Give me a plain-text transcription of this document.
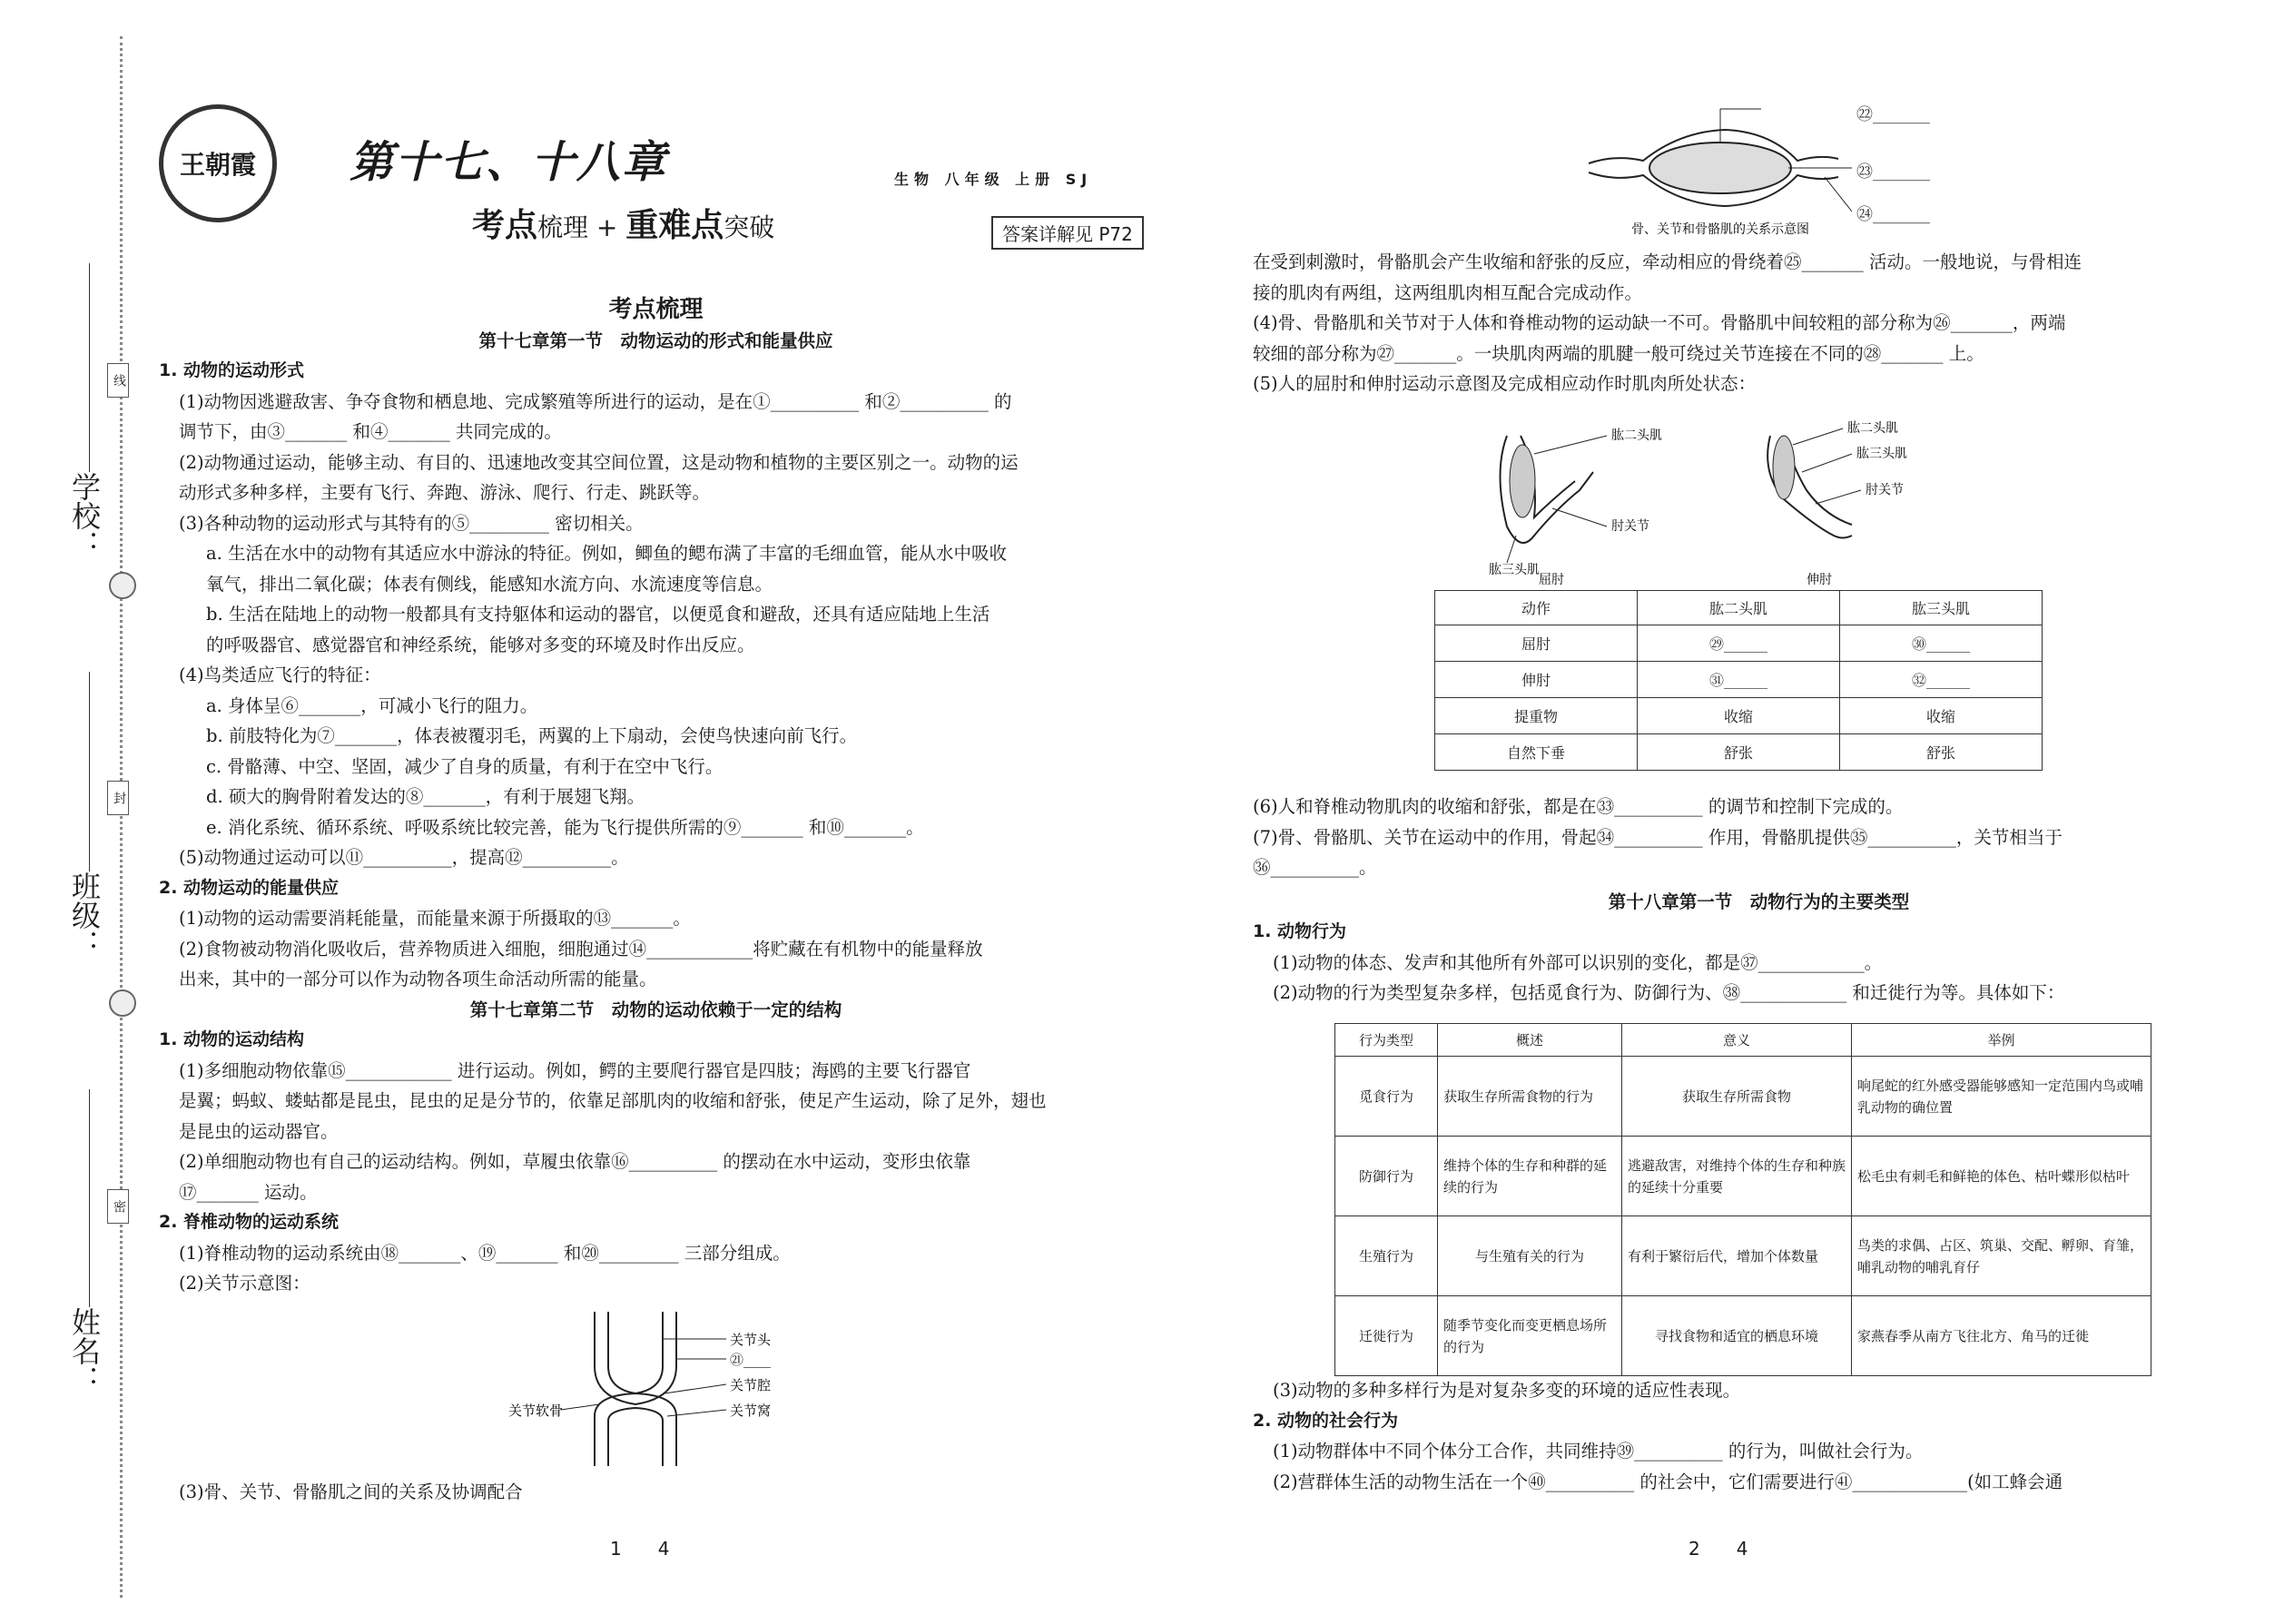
学校：
班级：
姓名：
线
封
密
王朝霞 第十七、十八章
考点梳理 + 重难点突破
生物 八年级 上册 SJ
答案详解见 P72
考点梳理
第十七章第一节　动物运动的形式和能量供应
1. 动物的运动形式
(1)动物因逃避敌害、争夺食物和栖息地、完成繁殖等所进行的运动，是在①__________ 和②__________ 的
调节下，由③_______ 和④_______ 共同完成的。
(2)动物通过运动，能够主动、有目的、迅速地改变其空间位置，这是动物和植物的主要区别之一。动物的运
动形式多种多样，主要有飞行、奔跑、游泳、爬行、行走、跳跃等。
(3)各种动物的运动形式与其特有的⑤_________ 密切相关。
a. 生活在水中的动物有其适应水中游泳的特征。例如，鲫鱼的鳃布满了丰富的毛细血管，能从水中吸收
氧气，排出二氧化碳；体表有侧线，能感知水流方向、水流速度等信息。
b. 生活在陆地上的动物一般都具有支持躯体和运动的器官，以便觅食和避敌，还具有适应陆地上生活
的呼吸器官、感觉器官和神经系统，能够对多变的环境及时作出反应。
(4)鸟类适应飞行的特征：
a. 身体呈⑥_______，可减小飞行的阻力。
b. 前肢特化为⑦_______，体表被覆羽毛，两翼的上下扇动，会使鸟快速向前飞行。
c. 骨骼薄、中空、坚固，减少了自身的质量，有利于在空中飞行。
d. 硕大的胸骨附着发达的⑧_______，有利于展翅飞翔。
e. 消化系统、循环系统、呼吸系统比较完善，能为飞行提供所需的⑨_______ 和⑩_______。
(5)动物通过运动可以⑪__________，提高⑫__________。
2. 动物运动的能量供应
(1)动物的运动需要消耗能量，而能量来源于所摄取的⑬_______。
(2)食物被动物消化吸收后，营养物质进入细胞，细胞通过⑭____________将贮藏在有机物中的能量释放
出来，其中的一部分可以作为动物各项生命活动所需的能量。
第十七章第二节　动物的运动依赖于一定的结构
1. 动物的运动结构
(1)多细胞动物依靠⑮____________ 进行运动。例如，鳄的主要爬行器官是四肢；海鸥的主要飞行器官
是翼；蚂蚁、蝼蛄都是昆虫，昆虫的足是分节的，依靠足部肌肉的收缩和舒张，使足产生运动，除了足外，翅也
是昆虫的运动器官。
(2)单细胞动物也有自己的运动结构。例如，草履虫依靠⑯__________ 的摆动在水中运动，变形虫依靠
⑰_______ 运动。
2. 脊椎动物的运动系统
(1)脊椎动物的运动系统由⑱_______、⑲_______ 和⑳_________ 三部分组成。
(2)关节示意图：
关节头
㉑____
关节腔
关节窝
关节软骨
(3)骨、关节、骨骼肌之间的关系及协调配合
1　　4
骨、关节和骨骼肌的关系示意图
㉒_______
㉓_______
㉔_______
在受到刺激时，骨骼肌会产生收缩和舒张的反应，牵动相应的骨绕着㉕_______ 活动。一般地说，与骨相连
接的肌肉有两组，这两组肌肉相互配合完成动作。
(4)骨、骨骼肌和关节对于人体和脊椎动物的运动缺一不可。骨骼肌中间较粗的部分称为㉖_______，两端
较细的部分称为㉗_______。一块肌肉两端的肌腱一般可绕过关节连接在不同的㉘_______ 上。
(5)人的屈肘和伸肘运动示意图及完成相应动作时肌肉所处状态：
肱二头肌
肘关节
肱三头肌
肱二头肌
肱三头肌
肘关节
屈肘	伸肘
动作	肱二头肌	肱三头肌
屈肘	㉙______	㉚______
伸肘	㉛______	㉜______
提重物	收缩	收缩
自然下垂	舒张	舒张
(6)人和脊椎动物肌肉的收缩和舒张，都是在㉝__________ 的调节和控制下完成的。
(7)骨、骨骼肌、关节在运动中的作用，骨起㉞__________ 作用，骨骼肌提供㉟__________，关节相当于
㊱__________。
第十八章第一节　动物行为的主要类型
1. 动物行为
(1)动物的体态、发声和其他所有外部可以识别的变化，都是㊲____________。
(2)动物的行为类型复杂多样，包括觅食行为、防御行为、㊳____________ 和迁徙行为等。具体如下：
行为类型	概述	意义	举例
觅食行为	获取生存所需食物的行为	获取生存所需食物	响尾蛇的红外感受器能够感知一定范围内鸟或哺乳动物的确位置
防御行为	维持个体的生存和种群的延续的行为	逃避敌害，对维持个体的生存和种族的延续十分重要	松毛虫有刺毛和鲜艳的体色、枯叶蝶形似枯叶
生殖行为	与生殖有关的行为	有利于繁衍后代，增加个体数量	鸟类的求偶、占区、筑巢、交配、孵卵、育雏，哺乳动物的哺乳育仔
迁徙行为	随季节变化而变更栖息场所的行为	寻找食物和适宜的栖息环境	家燕春季从南方飞往北方、角马的迁徙
(3)动物的多种多样行为是对复杂多变的环境的适应性表现。
2. 动物的社会行为
(1)动物群体中不同个体分工合作，共同维持㊴__________ 的行为，叫做社会行为。
(2)营群体生活的动物生活在一个㊵__________ 的社会中，它们需要进行㊶_____________(如工蜂会通
2　　4
